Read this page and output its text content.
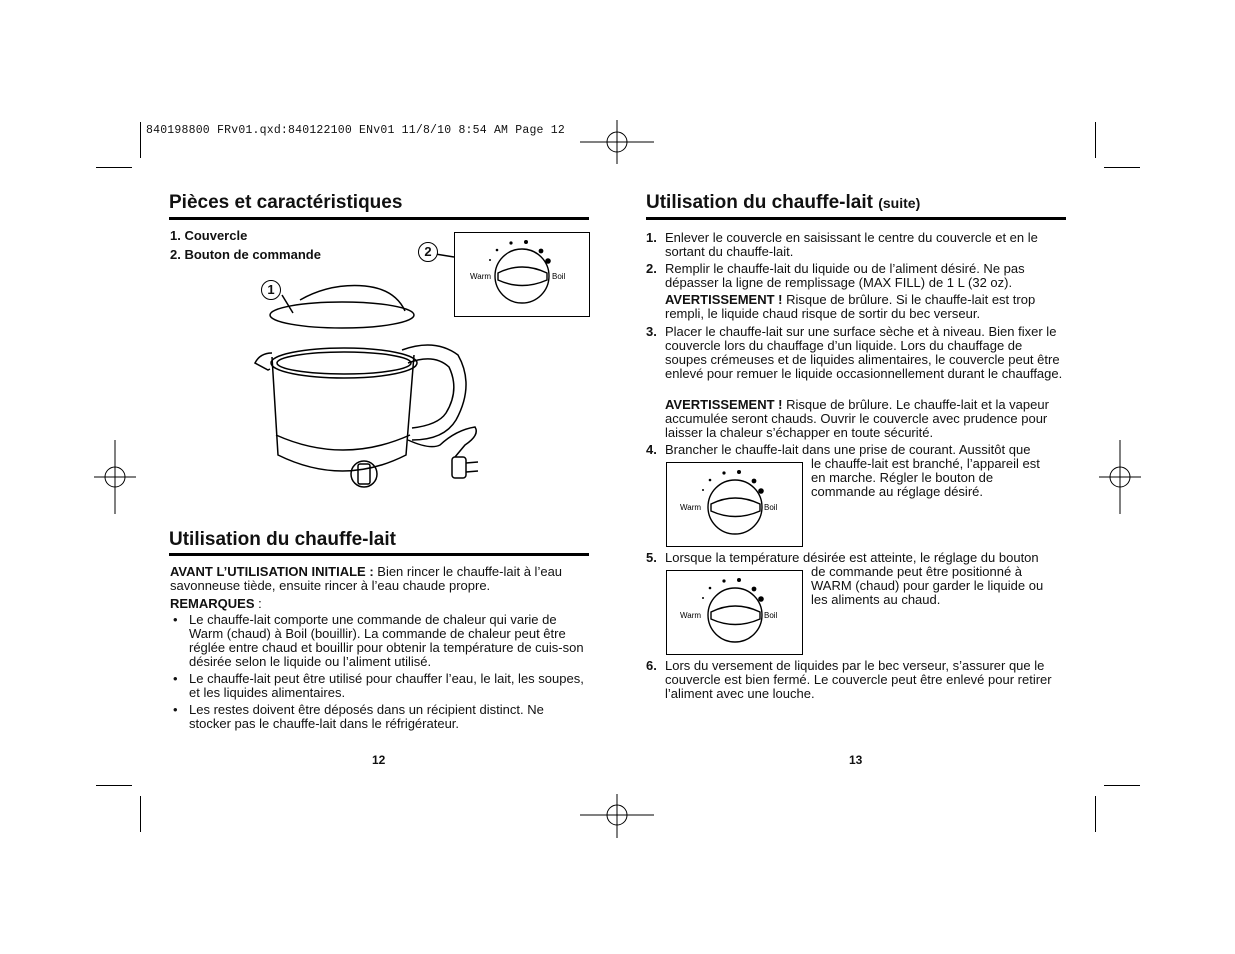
840198800 FRv01.qxd:840122100 ENv01 11/8/10 8:54 AM Page 12
Pièces et caractéristiques
1. Couvercle
2. Bouton de commande
Warm	Boil
2
1
Utilisation du chauffe-lait
AVANT L’UTILISATION INITIALE : Bien rincer le chauffe-lait à l’eau savonneuse tiède, ensuite rincer à l’eau chaude propre.
REMARQUES :
• Le chauffe-lait comporte une commande de chaleur qui varie de Warm (chaud) à Boil (bouillir). La commande de chaleur peut être réglée entre chaud et bouillir pour obtenir la température de cuis-son désirée selon le liquide ou l’aliment utilisé.
• Le chauffe-lait peut être utilisé pour chauffer l’eau, le lait, les soupes, et les liquides alimentaires.
• Les restes doivent être déposés dans un récipient distinct. Ne stocker pas le chauffe-lait dans le réfrigérateur.
12
Utilisation du chauffe-lait (suite)
1. Enlever le couvercle en saisissant le centre du couvercle et en le sortant du chauffe-lait.
2. Remplir le chauffe-lait du liquide ou de l’aliment désiré. Ne pas dépasser la ligne de remplissage (MAX FILL) de 1 L (32 oz).
AVERTISSEMENT ! Risque de brûlure. Si le chauffe-lait est trop rempli, le liquide chaud risque de sortir du bec verseur.
3. Placer le chauffe-lait sur une surface sèche et à niveau. Bien fixer le couvercle lors du chauffage d’un liquide. Lors du chauffage de soupes crémeuses et de liquides alimentaires, le couvercle peut être enlevé pour remuer le liquide occasionnellement durant le chauffage.
AVERTISSEMENT ! Risque de brûlure. Le chauffe-lait et la vapeur accumulée seront chauds. Ouvrir le couvercle avec prudence pour laisser la chaleur s’échapper en toute sécurité.
4. Brancher le chauffe-lait dans une prise de courant. Aussitôt que
le chauffe-lait est branché, l’appareil est en marche. Régler le bouton de commande au réglage désiré.
Warm	Boil
5. Lorsque la température désirée est atteinte, le réglage du bouton
de commande peut être positionné à WARM (chaud) pour garder le liquide ou les aliments au chaud.
Warm	Boil
6. Lors du versement de liquides par le bec verseur, s’assurer que le couvercle est bien fermé. Le couvercle peut être enlevé pour retirer l’aliment avec une louche.
13
